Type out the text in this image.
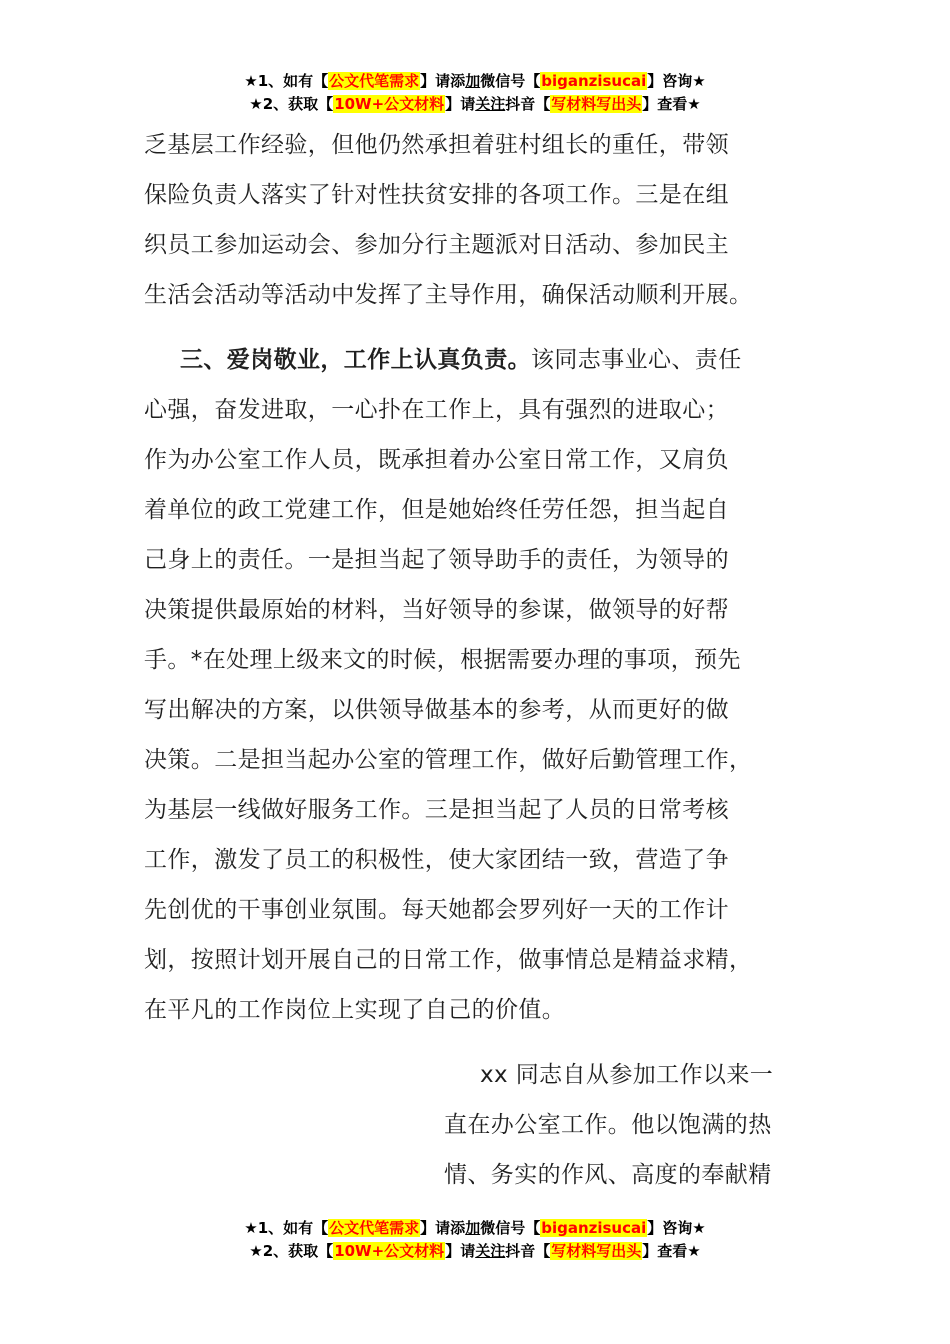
★1、如有【公文代笔需求】请添加微信号【biganzisucai】咨询★
★2、获取【10W+公文材料】请关注抖音【写材料写出头】查看★
乏基层工作经验，但他仍然承担着驻村组长的重任，带领
保险负责人落实了针对性扶贫安排的各项工作。三是在组
织员工参加运动会、参加分行主题派对日活动、参加民主
生活会活动等活动中发挥了主导作用，确保活动顺利开展。
三、爱岗敬业，工作上认真负责。该同志事业心、责任
心强，奋发进取，一心扑在工作上，具有强烈的进取心；
作为办公室工作人员，既承担着办公室日常工作，又肩负
着单位的政工党建工作，但是她始终任劳任怨，担当起自
己身上的责任。一是担当起了领导助手的责任，为领导的
决策提供最原始的材料，当好领导的参谋，做领导的好帮
手。*在处理上级来文的时候，根据需要办理的事项，预先
写出解决的方案，以供领导做基本的参考，从而更好的做
决策。二是担当起办公室的管理工作，做好后勤管理工作，
为基层一线做好服务工作。三是担当起了人员的日常考核
工作，激发了员工的积极性，使大家团结一致，营造了争
先创优的干事创业氛围。每天她都会罗列好一天的工作计
划，按照计划开展自己的日常工作，做事情总是精益求精，
在平凡的工作岗位上实现了自己的价值。
xx 同志自从参加工作以来一
直在办公室工作。他以饱满的热
情、务实的作风、高度的奉献精
★1、如有【公文代笔需求】请添加微信号【biganzisucai】咨询★
★2、获取【10W+公文材料】请关注抖音【写材料写出头】查看★
